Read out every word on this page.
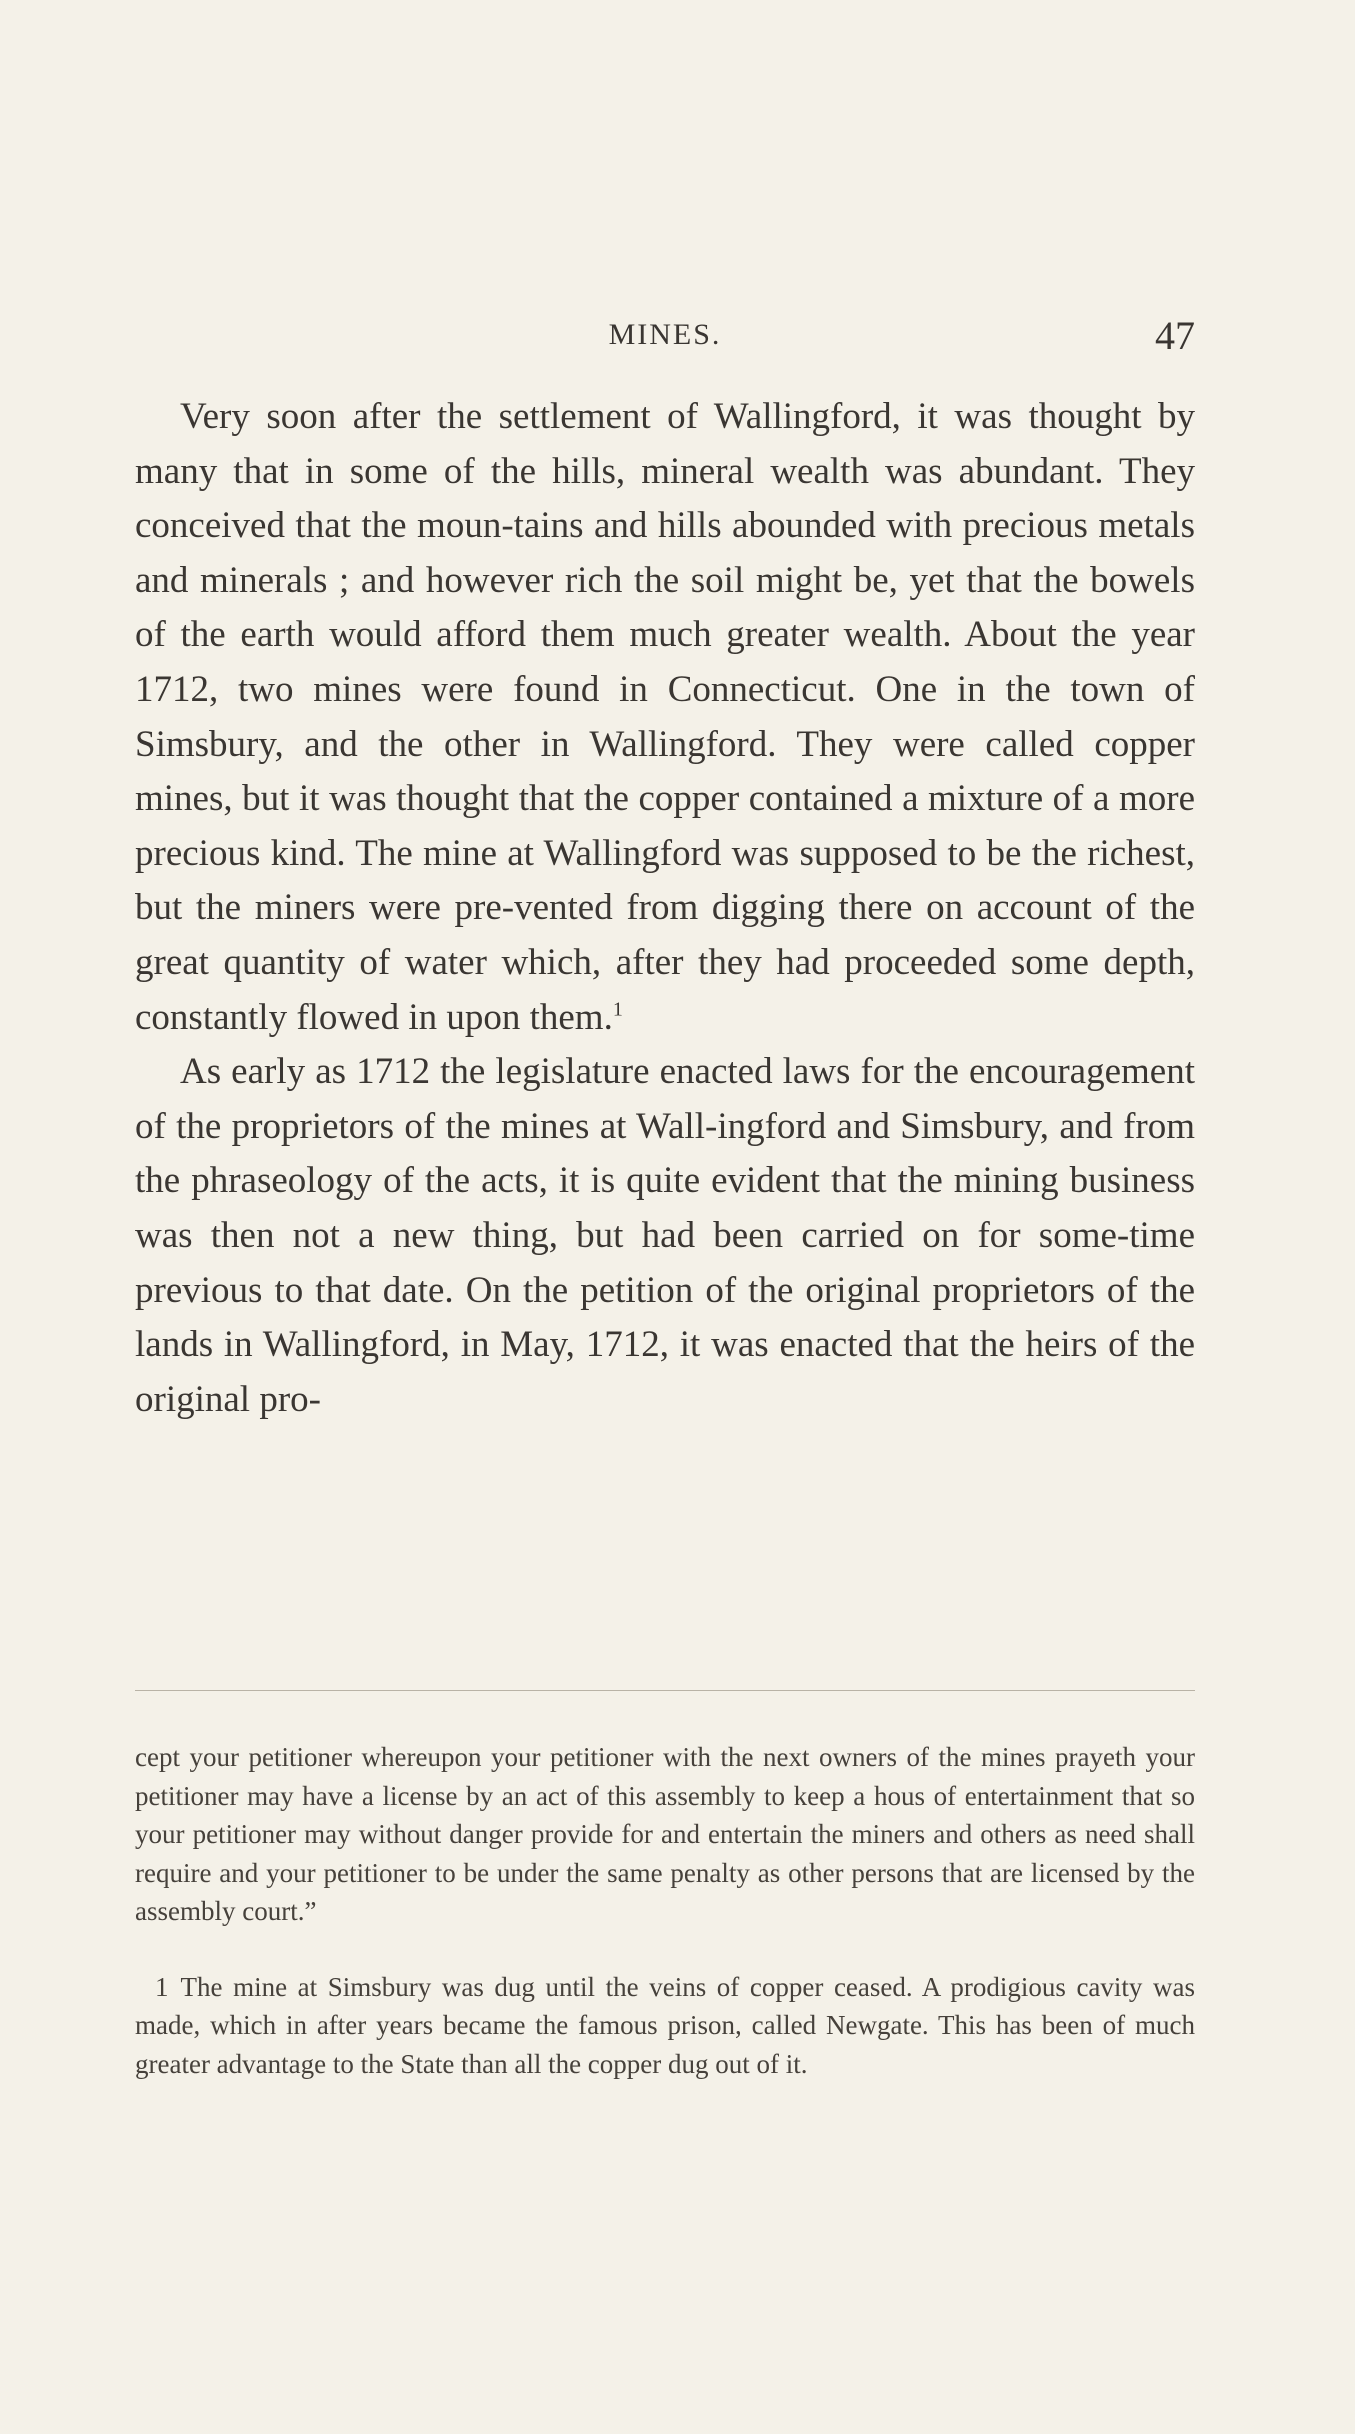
MINES.	47

Very soon after the settlement of Wallingford, it was thought by many that in some of the hills, mineral wealth was abundant. They conceived that the moun-tains and hills abounded with precious metals and minerals ; and however rich the soil might be, yet that the bowels of the earth would afford them much greater wealth. About the year 1712, two mines were found in Connecticut. One in the town of Simsbury, and the other in Wallingford. They were called copper mines, but it was thought that the copper contained a mixture of a more precious kind. The mine at Wallingford was supposed to be the richest, but the miners were pre-vented from digging there on account of the great quantity of water which, after they had proceeded some depth, constantly flowed in upon them.$^1$

As early as 1712 the legislature enacted laws for the encouragement of the proprietors of the mines at Wall-ingford and Simsbury, and from the phraseology of the acts, it is quite evident that the mining business was then not a new thing, but had been carried on for some-time previous to that date. On the petition of the original proprietors of the lands in Wallingford, in May, 1712, it was enacted that the heirs of the original pro-

cept your petitioner whereupon your petitioner with the next owners of the mines prayeth your petitioner may have a license by an act of this assembly to keep a hous of entertainment that so your petitioner may without danger provide for and entertain the miners and others as need shall require and your petitioner to be under the same penalty as other persons that are licensed by the assembly court.”

1 The mine at Simsbury was dug until the veins of copper ceased. A prodigious cavity was made, which in after years became the famous prison, called Newgate. This has been of much greater advantage to the State than all the copper dug out of it.
